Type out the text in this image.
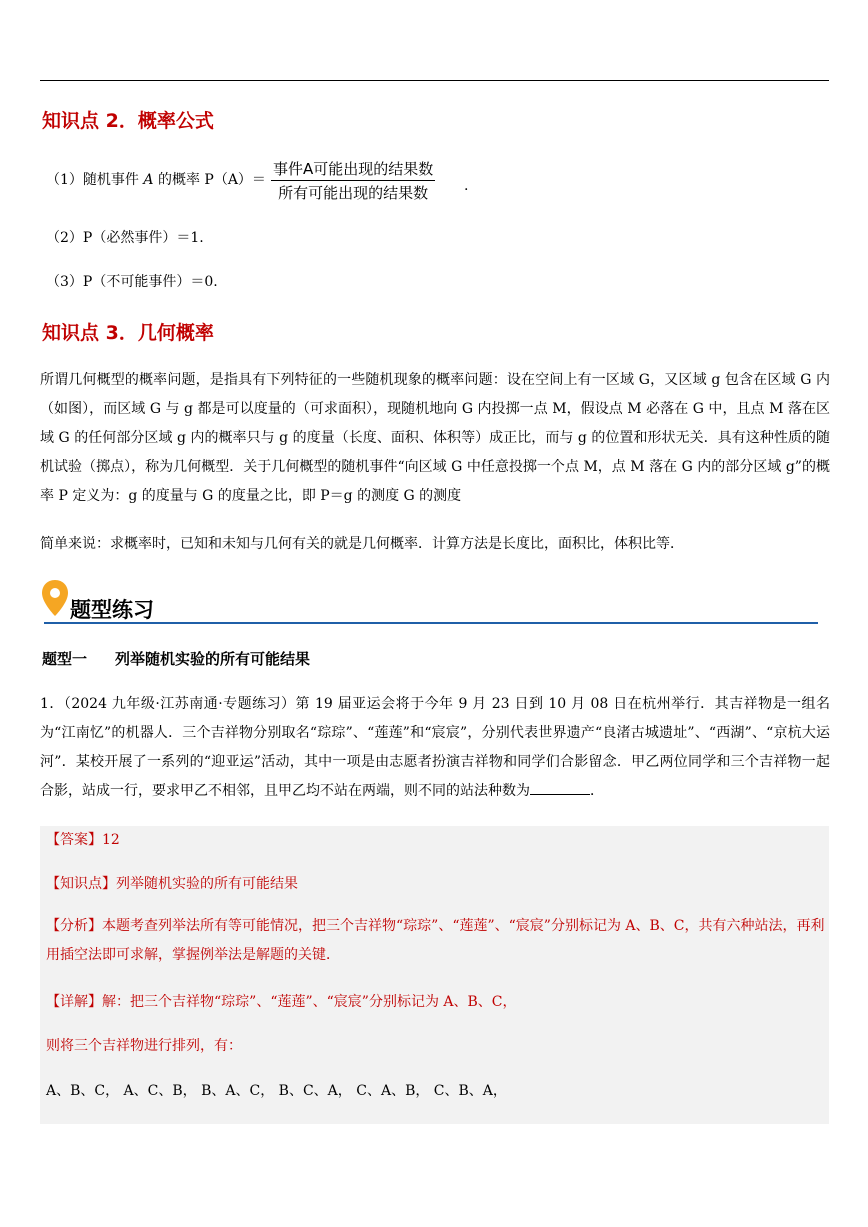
知识点 2．概率公式
（1）随机事件 A 的概率 P（A）＝
事件A可能出现的结果数
所有可能出现的结果数	.
（2）P（必然事件）＝1.
（3）P（不可能事件）＝0.
知识点 3．几何概率
所谓几何概型的概率问题，是指具有下列特征的一些随机现象的概率问题：设在空间上有一区域 G，又区域 g 包含在区域 G 内（如图），而区域 G 与 g 都是可以度量的（可求面积），现随机地向 G 内投掷一点 M，假设点 M 必落在 G 中，且点 M 落在区域 G 的任何部分区域 g 内的概率只与 g 的度量（长度、面积、体积等）成正比，而与 g 的位置和形状无关．具有这种性质的随机试验（掷点），称为几何概型．关于几何概型的随机事件“向区域 G 中任意投掷一个点 M，点 M 落在 G 内的部分区域 g”的概率 P 定义为：g 的度量与 G 的度量之比，即 P＝g 的测度 G 的测度
简单来说：求概率时，已知和未知与几何有关的就是几何概率．计算方法是长度比，面积比，体积比等．
题型练习
题型一 列举随机实验的所有可能结果
1．（2024 九年级·江苏南通·专题练习）第 19 届亚运会将于今年 9 月 23 日到 10 月 08 日在杭州举行．其吉祥物是一组名为“江南忆”的机器人．三个吉祥物分别取名“琮琮”、“莲莲”和“宸宸”，分别代表世界遗产“良渚古城遗址”、“西湖”、“京杭大运河”．某校开展了一系列的“迎亚运”活动，其中一项是由志愿者扮演吉祥物和同学们合影留念．甲乙两位同学和三个吉祥物一起合影，站成一行，要求甲乙不相邻，且甲乙均不站在两端，则不同的站法种数为	．
【答案】12
【知识点】列举随机实验的所有可能结果
【分析】本题考查列举法所有等可能情况，把三个吉祥物“琮琮”、“莲莲”、“宸宸”分别标记为 A、B、C，共有六种站法，再利用插空法即可求解，掌握例举法是解题的关键．
【详解】解：把三个吉祥物“琮琮”、“莲莲”、“宸宸”分别标记为 A、B、C，
则将三个吉祥物进行排列，有：
A、B、C， A、C、B， B、A、C， B、C、A， C、A、B， C、B、A，
